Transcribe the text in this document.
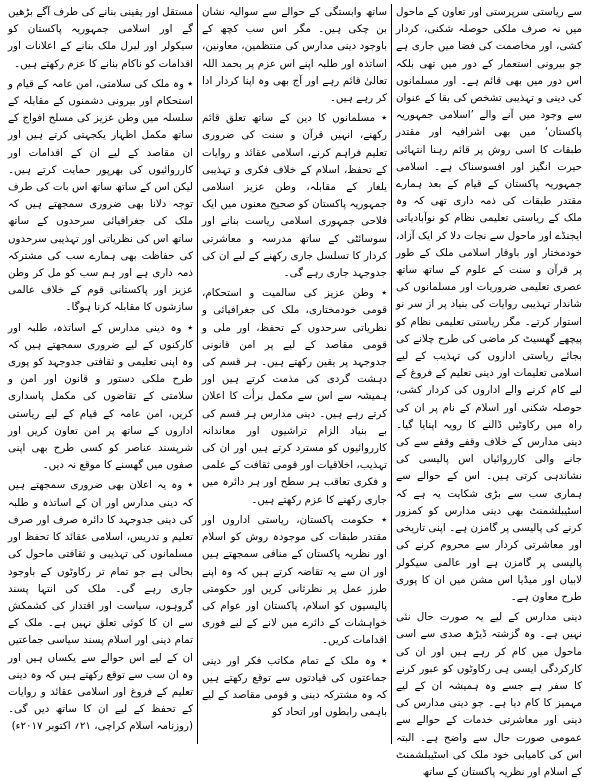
سے ریاستی سرپرستی اور تعاون کے ماحول میں نہ صرف ملکی حوصلہ شکنی، کردار کشی، اور مخاصمت کی فضا میں جاری ہے جو بیرونی استعمار کے دور میں تھی بلکہ اس دور میں بھی قائم ہے۔ اور مسلمانوں کی دینی و تہذیبی تشخص کی بقا کے عنوان سے وجود میں آنے والے ’اسلامی جمہوریہ پاکستان‘ میں بھی اشرافیہ اور مقتدر طبقات کا اسی روش پر قائم رہنا انتہائی حیرت انگیز اور افسوسناک ہے۔ اسلامی جمہوریہ پاکستان کے قیام کے بعد ہمارے مقتدر طبقات کی ذمہ داری تھی کہ وہ ملک کے ریاستی تعلیمی نظام کو نوآبادیاتی ایجنڈے اور ماحول سے نجات دلا کر ایک آزاد، خودمختار اور باوقار اسلامی ملک کے طور پر قرآن و سنت کے علوم کے ساتھ ساتھ عصری تعلیمی ضروریات اور مسلمانوں کی شاندار تہذیبی روایات کی بنیاد پر از سر نو استوار کرتے۔ مگر ریاستی تعلیمی نظام کو پیچھے گھسیٹ کر ماضی کی طرح چلانے کی بجائے ریاستی اداروں کی تہذیب کے لیے اسلامی تعلیمات اور دینی تعلیم کے فروغ کے لیے کام کرنے والے اداروں کی کردار کشی، حوصلہ شکنی اور اسلام کے نام پر ان کی راہ میں رکاوٹیں ڈالنے کا رویہ اپنایا گیا۔ دینی مدارس کے خلاف وقفے وقفے سے کی جانے والی کارروائیاں اس پالیسی کی نشاندہی کرتی ہیں۔ اس کے حوالے سے ہماری سب سے بڑی شکایت یہ ہے کہ اسٹیبلشمنٹ بھی دینی مدارس کو کمزور کرنے کی پالیسی پر گامزن ہے۔ اپنی تاریخی اور معاشرتی کردار سے محروم کرنے کی پالیسی پر گامزن ہے اور عالمی سیکولر لابیاں اور میڈیا اس مشن میں ان کا پوری طرح معاون ہے۔

دینی مدارس کے لیے یہ صورت حال نئی نہیں ہے۔ وہ گزشتہ ڈیڑھ صدی سے اسی ماحول میں کام کر رہے ہیں اور ان کی کارکردگی ایسی ہی رکاوٹوں کو عبور کرنے کا سفر ہے جسے وہ ہمیشہ ان کے لیے مہمیز کا کام دیا ہے۔ جو دینی مدارس کی دینی اور معاشرتی خدمات کے حوالے سے عمومی صورت حال سے واضح ہے۔ البتہ اس کی کامیابی خود ملک کی اسٹیبلشمنٹ کے اسلام اور نظریہ پاکستان کے ساتھ

ساتھ وابستگی کے حوالے سے سوالیہ نشان بن چکی ہیں۔ مگر اس سب کچھ کے باوجود دینی مدارس کی منتظمین، معاونین، اساتذہ اور طلبہ اپنے اس عزم پر بحمد اللہ تعالیٰ قائم رہے اور آج بھی وہ اپنا کردار ادا کر رہے ہیں۔

٭ مسلمانوں کا دین کے ساتھ تعلق قائم رکھنے، انہیں قرآن و سنت کی ضروری تعلیم فراہم کرنے، اسلامی عقائد و روایات کے تحفظ، اسلام کے خلاف فکری و تہذیبی یلغار کے مقابلہ، وطن عزیز اسلامی جمہوریہ پاکستان کو صحیح معنوں میں ایک فلاحی جمہوری اسلامی ریاست بنانے اور سوسائٹی کے ساتھ مدرسہ و معاشرتی کردار کا تسلسل جاری رکھنے کے لیے ان کی جدوجہد جاری رہے گی۔

٭ وطن عزیز کی سالمیت و استحکام، قومی خودمختاری، ملک کی جغرافیائی و نظریاتی سرحدوں کے تحفظ، اور ملی و قومی مقاصد کے لیے پر امن قانونی جدوجہد پر یقین رکھتے ہیں۔ ہر قسم کی دہشت گردی کی مذمت کرتے ہیں اور ہمیشہ سے اس سے مکمل برأت کا اعلان کرتے رہے ہیں۔ دینی مدارس ہر قسم کی بے بنیاد الزام تراشیوں اور معاندانہ کارروائیوں کو مسترد کرتے ہیں اور ان کی تہذیب، اخلاقیات اور قومی ثقافت کے علمی و فکری تعاقب ہر سطح اور ہر دائرہ میں جاری رکھنے کا عزم رکھتے ہیں۔

٭ حکومت پاکستان، ریاستی اداروں اور مقتدر طبقات کی موجودہ روش کو اسلام اور نظریہ پاکستان کے منافی سمجھتے ہیں اور ان سے یہ تقاضہ کرتے ہیں کہ وہ اپنے طرز عمل پر نظرثانی کریں اور حکومتی پالیسیوں کو اسلام، پاکستان اور عوام کی خواہشات کے دائرے میں لانے کے لیے فوری اقدامات کریں۔

٭ وہ ملک کے تمام مکاتب فکر اور دینی جماعتوں کی قیادتوں سے توقع رکھتے ہیں کہ وہ مشترکہ دینی و قومی مقاصد کے لیے باہمی رابطوں اور اتحاد کو

مستقل اور یقینی بنانے کی طرف آگے بڑھیں گے اور اسلامی جمہوریہ پاکستان کو سیکولر اور لبرل ملک بنانے کے اعلانات اور اقدامات کو ناکام بنانے کا عزم رکھتے ہیں۔

٭ وہ ملک کی سلامتی، امن عامہ کے قیام و استحکام اور بیرونی دشمنوں کے مقابلہ کے سلسلہ میں وطن عزیز کی مسلح افواج کے ساتھ مکمل اظہار یکجہتی کرتے ہیں اور ان مقاصد کے لیے ان کے اقدامات اور کارروائیوں کی بھرپور حمایت کرتے ہیں۔ لیکن اس کے ساتھ ساتھ اس بات کی طرف توجہ دلانا بھی ضروری سمجھتے ہیں کہ ملک کی جغرافیائی سرحدوں کے ساتھ ساتھ اس کی نظریاتی اور تہذیبی سرحدوں کی حفاظت بھی ہمارے سب کی مشترکہ ذمہ داری ہے اور ہم سب کو مل کر وطن عزیز اور پاکستانی قوم کے خلاف عالمی سازشوں کا مقابلہ کرنا ہوگا۔

٭ وہ دینی مدارس کے اساتذہ، طلبہ اور کارکنوں کے لیے ضروری سمجھتے ہیں کہ وہ اپنی تعلیمی و ثقافتی جدوجہد کو پوری طرح ملکی دستور و قانون اور امن و سلامتی کے تقاضوں کی مکمل پاسداری کریں، امن عامہ کے قیام کے لیے ریاستی اداروں کے ساتھ پر امن تعاون کریں اور شرپسند عناصر کو کسی طرح بھی اپنی صفوں میں گھسنے کا موقع نہ دیں۔

٭ وہ یہ اعلان بھی ضروری سمجھتے ہیں کہ دینی مدارس اور ان کے اساتذہ و طلبہ کی دینی جدوجہد کا دائرہ صرف اور صرف تعلیم و تدریس، اسلامی عقائد کا تحفظ اور مسلمانوں کی تہذیبی و ثقافتی ماحول کی بحالی ہے جو تمام تر رکاوٹوں کے باوجود جاری رہے گی۔ ملک کی انتہا پسند گروہوں، سیاست اور اقتدار کی کشمکش سے ان کا کوئی تعلق نہیں ہے۔ ملک کے تمام دینی اور اسلام پسند سیاسی جماعتیں ان کے لیے اس حوالے سے یکساں ہیں اور وہ ان سب سے توقع رکھتے ہیں کہ وہ دینی تعلیم کے فروغ اور اسلامی عقائد و روایات کے تحفظ کے لیے ان کا ساتھ دیں گی۔ (روزنامہ اسلام کراچی، ۲۱؍ اکتوبر ۲۰۱۷ء)
